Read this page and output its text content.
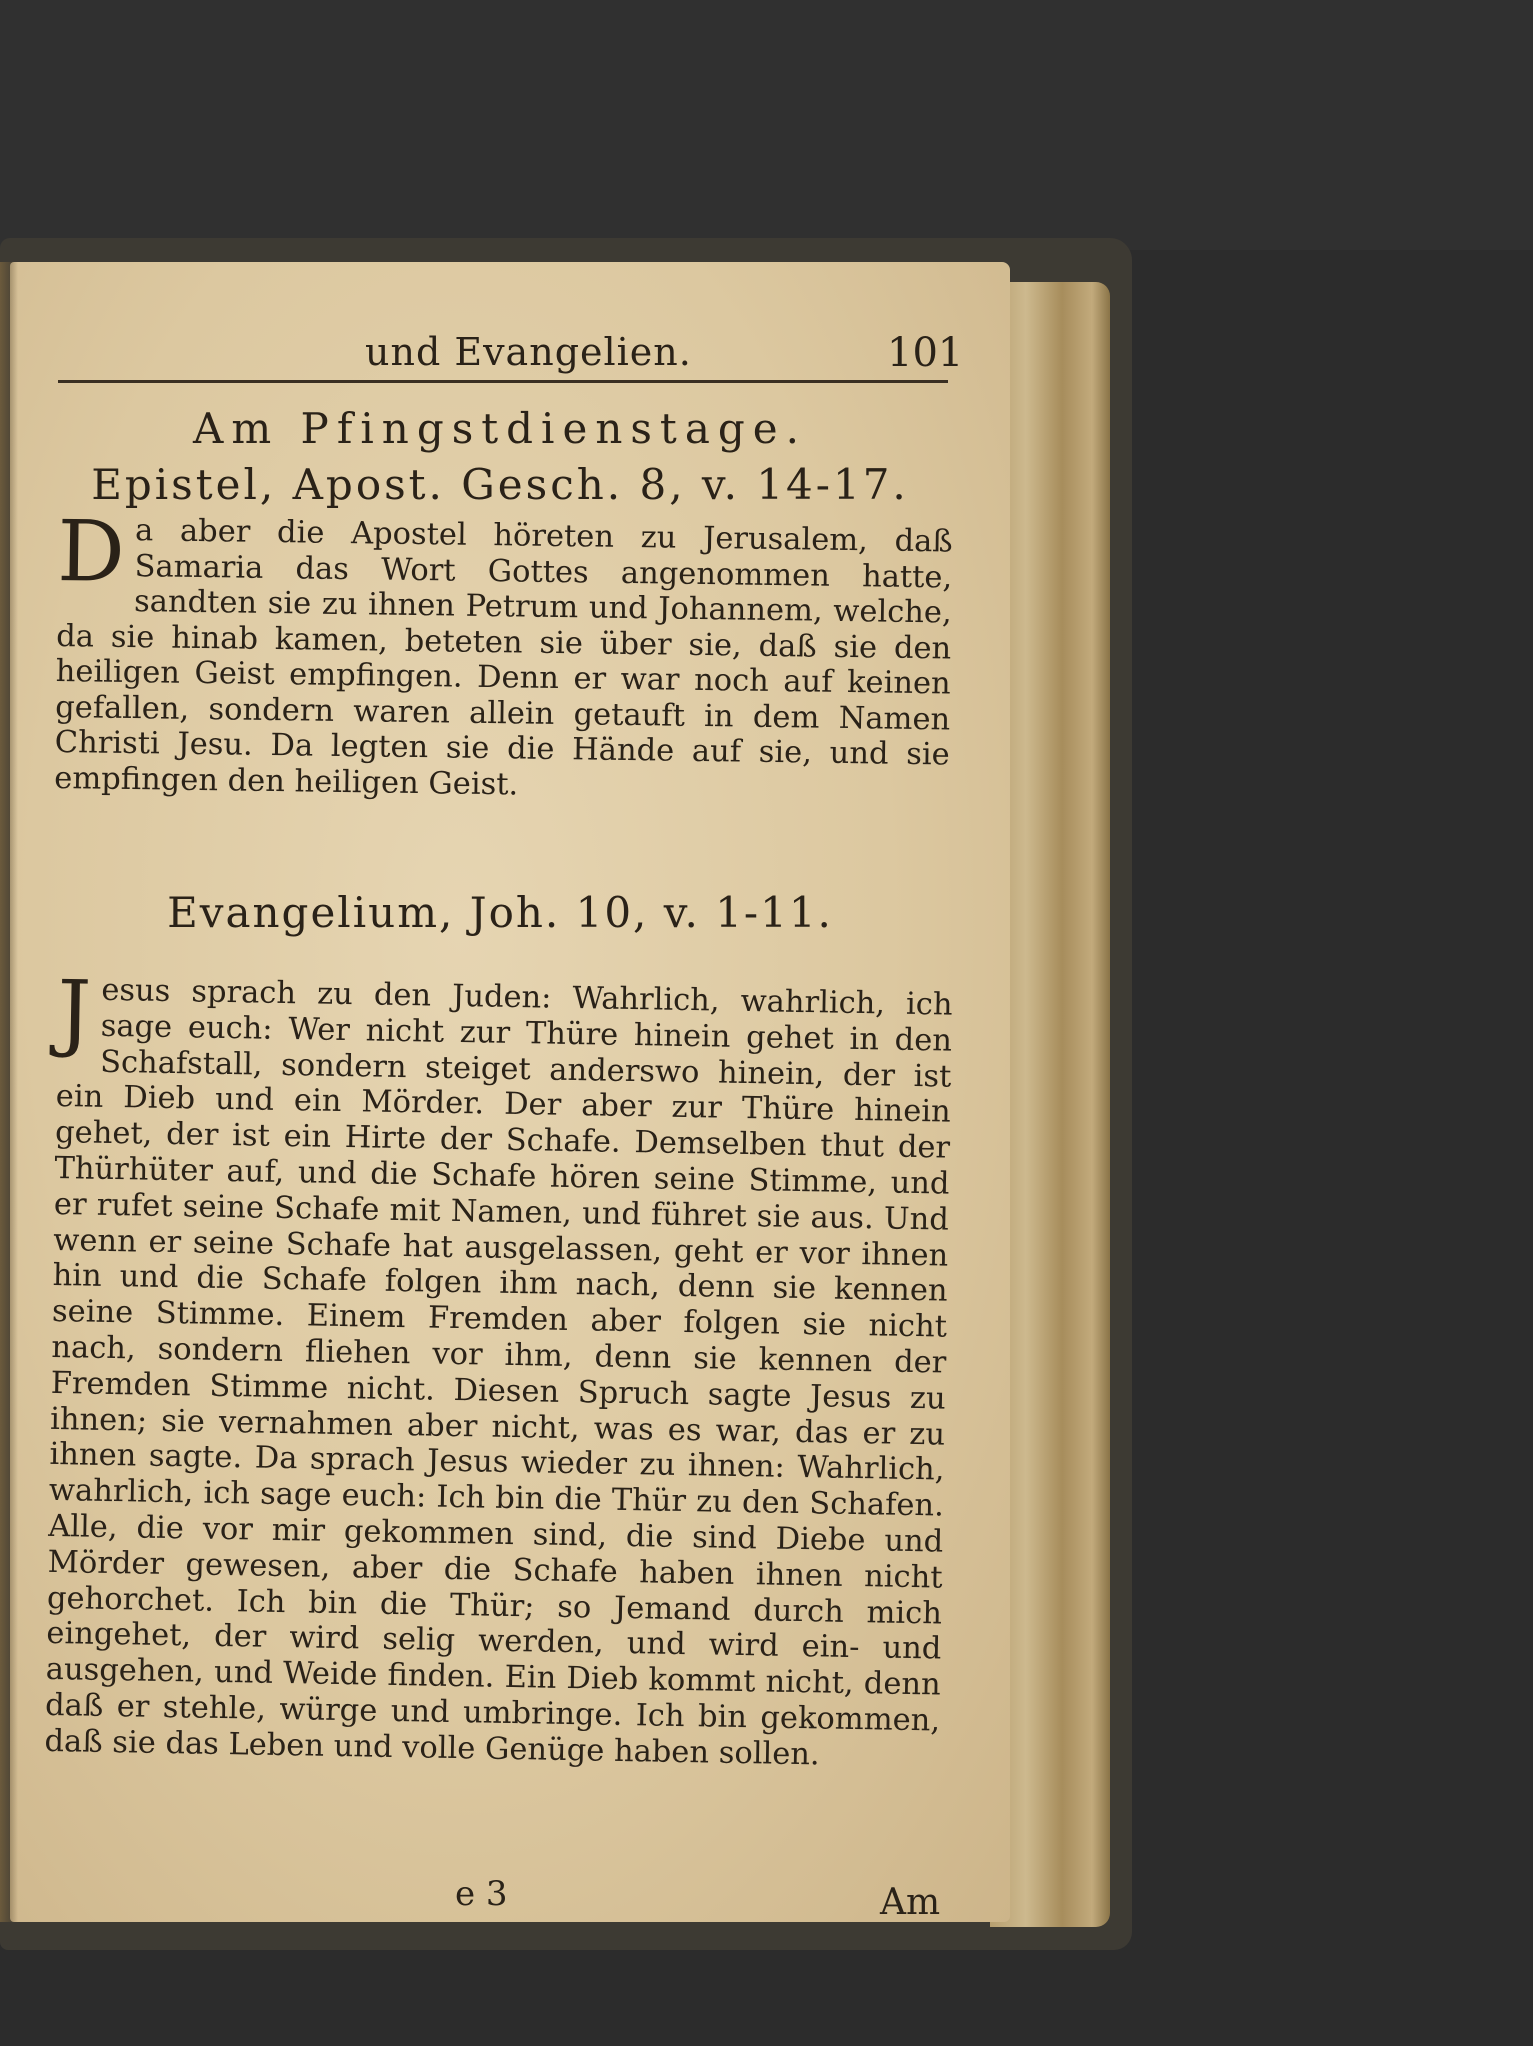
und Evangelien.	101

Am Pfingstdienstage.

Epistel, Apost. Gesch. 8, v. 14-17.

D a aber die Apostel höreten zu Jerusalem, daß Samaria das Wort Gottes angenommen hatte, sandten sie zu ihnen Petrum und Johannem, welche, da sie hinab kamen, beteten sie über sie, daß sie den heiligen Geist empfingen. Denn er war noch auf keinen gefallen, sondern waren allein getauft in dem Namen Christi Jesu. Da legten sie die Hände auf sie, und sie empfingen den heiligen Geist.

Evangelium, Joh. 10, v. 1-11.

J esus sprach zu den Juden: Wahrlich, wahrlich, ich sage euch: Wer nicht zur Thüre hinein gehet in den Schafstall, sondern steiget anderswo hinein, der ist ein Dieb und ein Mörder. Der aber zur Thüre hinein gehet, der ist ein Hirte der Schafe. Demselben thut der Thürhüter auf, und die Schafe hören seine Stimme, und er rufet seine Schafe mit Namen, und führet sie aus. Und wenn er seine Schafe hat ausgelassen, geht er vor ihnen hin und die Schafe folgen ihm nach, denn sie kennen seine Stimme. Einem Fremden aber folgen sie nicht nach, sondern fliehen vor ihm, denn sie kennen der Fremden Stimme nicht. Diesen Spruch sagte Jesus zu ihnen; sie vernahmen aber nicht, was es war, das er zu ihnen sagte. Da sprach Jesus wieder zu ihnen: Wahrlich, wahrlich, ich sage euch: Ich bin die Thür zu den Schafen. Alle, die vor mir gekommen sind, die sind Diebe und Mörder gewesen, aber die Schafe haben ihnen nicht gehorchet. Ich bin die Thür; so Jemand durch mich eingehet, der wird selig werden, und wird ein- und ausgehen, und Weide finden. Ein Dieb kommt nicht, denn daß er stehle, würge und umbringe. Ich bin gekommen, daß sie das Leben und volle Genüge haben sollen.

e 3	Am
